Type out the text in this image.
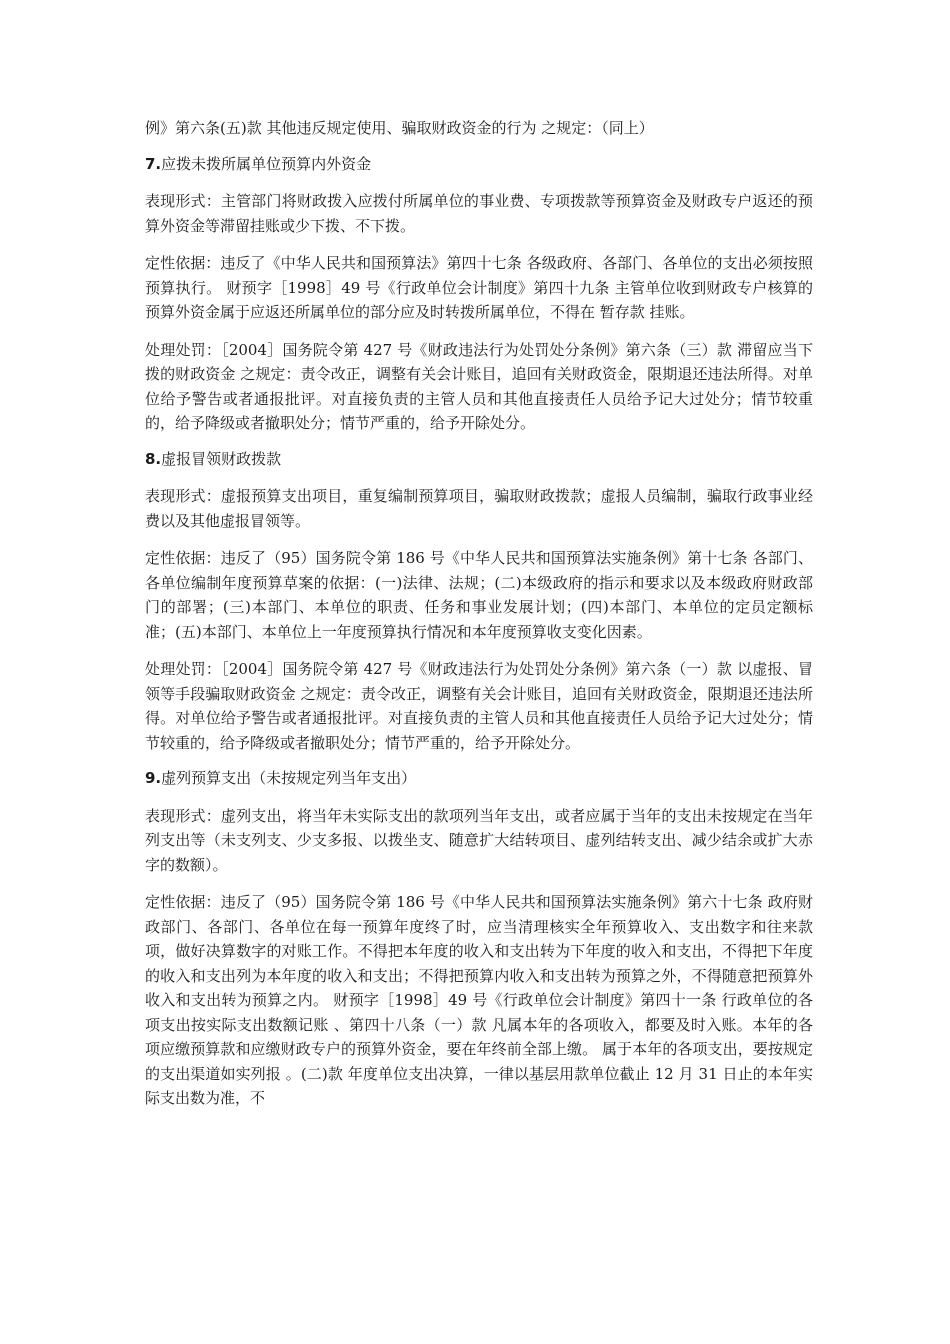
例》第六条(五)款 其他违反规定使用、骗取财政资金的行为 之规定：（同上）

7.应拨未拨所属单位预算内外资金

表现形式：主管部门将财政拨入应拨付所属单位的事业费、专项拨款等预算资金及财政专户返还的预算外资金等滞留挂账或少下拨、不下拨。

定性依据：违反了《中华人民共和国预算法》第四十七条 各级政府、各部门、各单位的支出必须按照预算执行。 财预字［1998］49 号《行政单位会计制度》第四十九条 主管单位收到财政专户核算的预算外资金属于应返还所属单位的部分应及时转拨所属单位，不得在 暂存款 挂账。

处理处罚：［2004］国务院令第 427 号《财政违法行为处罚处分条例》第六条（三）款 滞留应当下拨的财政资金 之规定：责令改正，调整有关会计账目，追回有关财政资金，限期退还违法所得。对单位给予警告或者通报批评。对直接负责的主管人员和其他直接责任人员给予记大过处分；情节较重的，给予降级或者撤职处分；情节严重的，给予开除处分。

8.虚报冒领财政拨款

表现形式：虚报预算支出项目，重复编制预算项目，骗取财政拨款；虚报人员编制，骗取行政事业经费以及其他虚报冒领等。

定性依据：违反了（95）国务院令第 186 号《中华人民共和国预算法实施条例》第十七条 各部门、各单位编制年度预算草案的依据：(一)法律、法规；(二)本级政府的指示和要求以及本级政府财政部门的部署；(三)本部门、本单位的职责、任务和事业发展计划；(四)本部门、本单位的定员定额标准；(五)本部门、本单位上一年度预算执行情况和本年度预算收支变化因素。

处理处罚：［2004］国务院令第 427 号《财政违法行为处罚处分条例》第六条（一）款 以虚报、冒领等手段骗取财政资金 之规定：责令改正，调整有关会计账目，追回有关财政资金，限期退还违法所得。对单位给予警告或者通报批评。对直接负责的主管人员和其他直接责任人员给予记大过处分；情节较重的，给予降级或者撤职处分；情节严重的，给予开除处分。

9.虚列预算支出（未按规定列当年支出）

表现形式：虚列支出，将当年未实际支出的款项列当年支出，或者应属于当年的支出未按规定在当年列支出等（未支列支、少支多报、以拨坐支、随意扩大结转项目、虚列结转支出、减少结余或扩大赤字的数额）。

定性依据：违反了（95）国务院令第 186 号《中华人民共和国预算法实施条例》第六十七条 政府财政部门、各部门、各单位在每一预算年度终了时，应当清理核实全年预算收入、支出数字和往来款项，做好决算数字的对账工作。不得把本年度的收入和支出转为下年度的收入和支出，不得把下年度的收入和支出列为本年度的收入和支出；不得把预算内收入和支出转为预算之外，不得随意把预算外收入和支出转为预算之内。 财预字［1998］49 号《行政单位会计制度》第四十一条 行政单位的各项支出按实际支出数额记账 、第四十八条（一）款 凡属本年的各项收入，都要及时入账。本年的各项应缴预算款和应缴财政专户的预算外资金，要在年终前全部上缴。 属于本年的各项支出，要按规定的支出渠道如实列报 。(二)款 年度单位支出决算，一律以基层用款单位截止 12 月 31 日止的本年实际支出数为准，不
